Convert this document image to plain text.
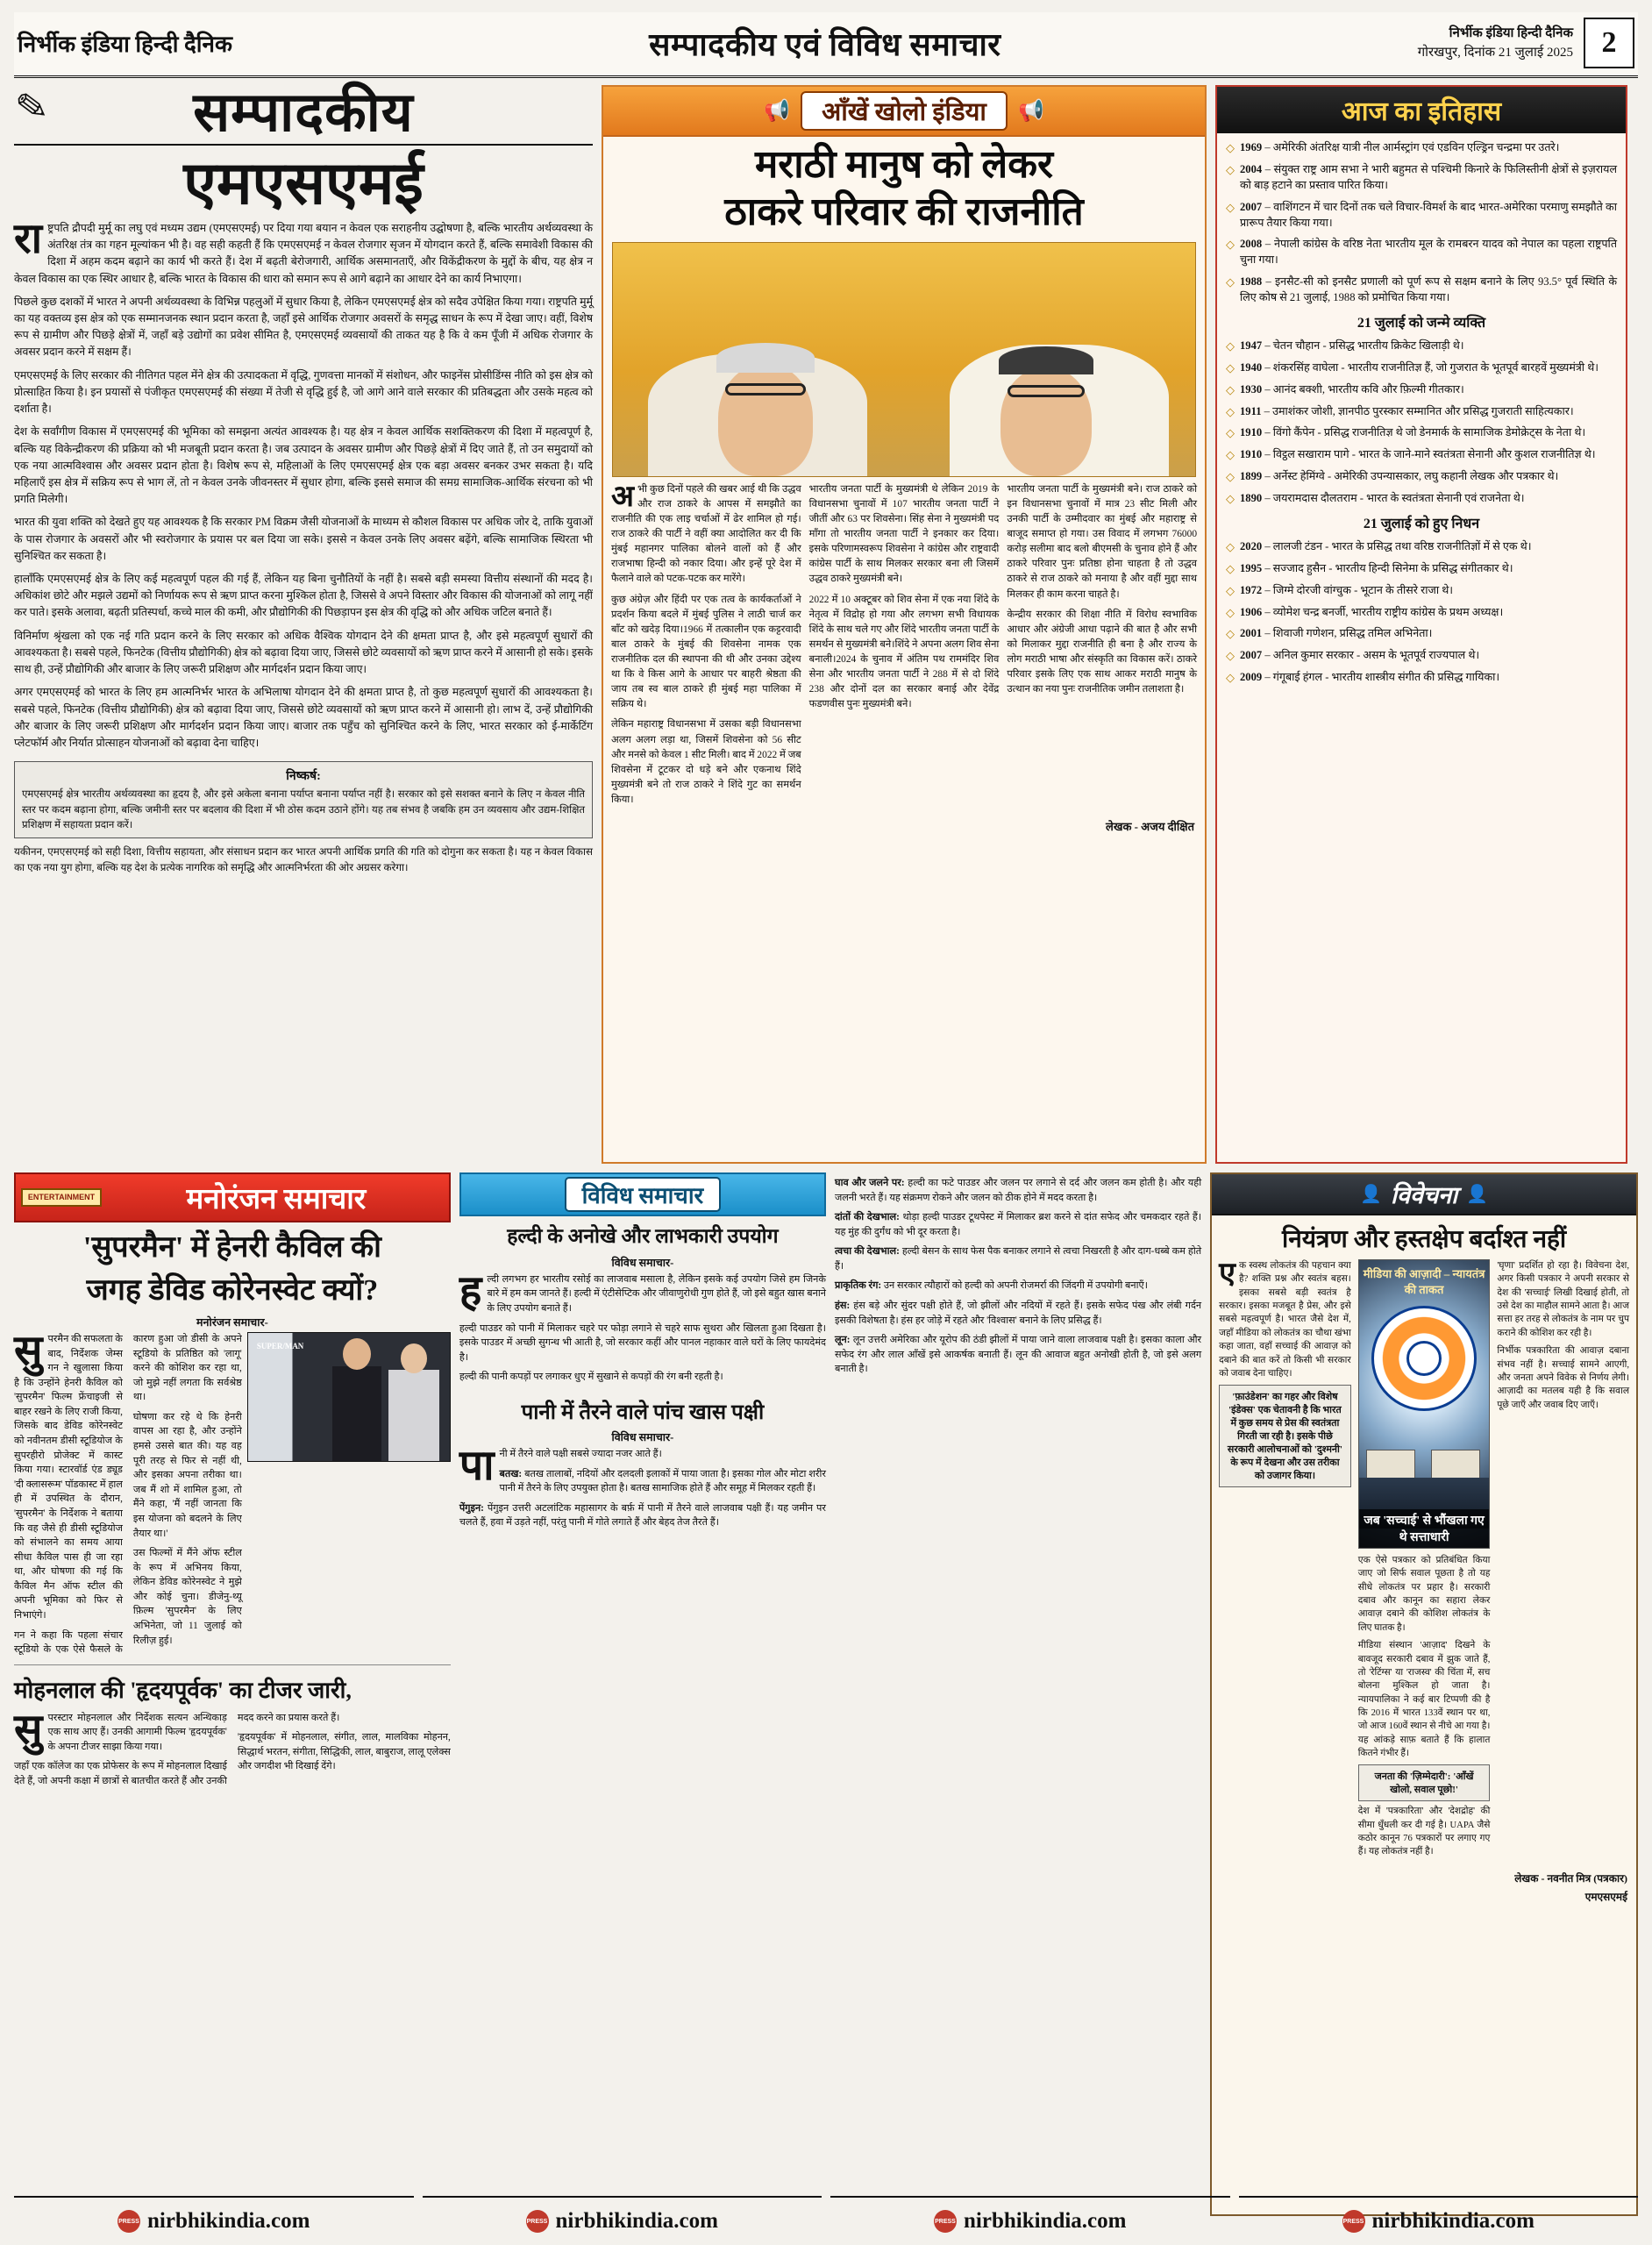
निर्भीक इंडिया हिन्दी दैनिक	सम्पादकीय एवं विविध समाचार	निर्भीक इंडिया हिन्दी दैनिक
गोरखपुर, दिनांक 21 जुलाई 2025 2
✎	सम्पादकीय
एमएसएमई

राष्ट्रपति द्रौपदी मुर्मू का लघु एवं मध्यम उद्यम (एमएसएमई) पर दिया गया बयान न केवल एक सराहनीय उद्घोषणा है, बल्कि भारतीय अर्थव्यवस्था के अंतरिक्ष तंत्र का गहन मूल्यांकन भी है। वह सही कहती हैं कि एमएसएमई न केवल रोजगार सृजन में योगदान करते हैं, बल्कि समावेशी विकास की दिशा में अहम कदम बढ़ाने का कार्य भी करते हैं। देश में बढ़ती बेरोजगारी, आर्थिक असमानताएँ, और विकेंद्रीकरण के मुद्दों के बीच, यह क्षेत्र न केवल विकास का एक स्थिर आधार है, बल्कि भारत के विकास की धारा को समान रूप से आगे बढ़ाने का आधार देने का कार्य निभाएगा।

पिछले कुछ दशकों में भारत ने अपनी अर्थव्यवस्था के विभिन्न पहलुओं में सुधार किया है, लेकिन एमएसएमई क्षेत्र को सदैव उपेक्षित किया गया। राष्ट्रपति मुर्मू का यह वक्तव्य इस क्षेत्र को एक सम्मानजनक स्थान प्रदान करता है, जहाँ इसे आर्थिक रोजगार अवसरों के समृद्ध साधन के रूप में देखा जाए। वहीं, विशेष रूप से ग्रामीण और पिछड़े क्षेत्रों में, जहाँ बड़े उद्योगों का प्रवेश सीमित है, एमएसएमई व्यवसायों की ताकत यह है कि वे कम पूँजी में अधिक रोजगार के अवसर प्रदान करने में सक्षम हैं।

एमएसएमई के लिए सरकार की नीतिगत पहल मेंने क्षेत्र की उत्पादकता में वृद्धि, गुणवत्ता मानकों में संशोधन, और फाइनेंस प्रोसीडिंग्स नीति को इस क्षेत्र को प्रोत्साहित किया है। इन प्रयासों से पंजीकृत एमएसएमई की संख्या में तेजी से वृद्धि हुई है, जो आगे आने वाले सरकार की प्रतिबद्धता और उसके महत्व को दर्शाता है।

देश के सर्वांगीण विकास में एमएसएमई की भूमिका को समझना अत्यंत आवश्यक है। यह क्षेत्र न केवल आर्थिक सशक्तिकरण की दिशा में महत्वपूर्ण है, बल्कि यह विकेन्द्रीकरण की प्रक्रिया को भी मजबूती प्रदान करता है। जब उत्पादन के अवसर ग्रामीण और पिछड़े क्षेत्रों में दिए जाते हैं, तो उन समुदायों को एक नया आत्मविश्वास और अवसर प्रदान होता है। विशेष रूप से, महिलाओं के लिए एमएसएमई क्षेत्र एक बड़ा अवसर बनकर उभर सकता है। यदि महिलाएँ इस क्षेत्र में सक्रिय रूप से भाग लें, तो न केवल उनके जीवनस्तर में सुधार होगा, बल्कि इससे समाज की समग्र सामाजिक-आर्थिक संरचना को भी प्रगति मिलेगी।

भारत की युवा शक्ति को देखते हुए यह आवश्यक है कि सरकार PM विक्रम जैसी योजनाओं के माध्यम से कौशल विकास पर अधिक जोर दे, ताकि युवाओं के पास रोजगार के अवसरों और भी स्वरोजगार के प्रयास पर बल दिया जा सके। इससे न केवल उनके लिए अवसर बढ़ेंगे, बल्कि सामाजिक स्थिरता भी सुनिश्चित कर सकता है।

हालाँकि एमएसएमई क्षेत्र के लिए कई महत्वपूर्ण पहल की गई हैं, लेकिन यह बिना चुनौतियों के नहीं है। सबसे बड़ी समस्या वित्तीय संस्थानों की मदद है। अधिकांश छोटे और मझले उद्यमों को निर्णायक रूप से ऋण प्राप्त करना मुश्किल होता है, जिससे वे अपने विस्तार और विकास की योजनाओं को लागू नहीं कर पाते। इसके अलावा, बढ़ती प्रतिस्पर्धा, कच्चे माल की कमी, और प्रौद्योगिकी की पिछड़ापन इस क्षेत्र की वृद्धि को और अधिक जटिल बनाते हैं।

विनिर्माण श्रृंखला को एक नई गति प्रदान करने के लिए सरकार को अधिक वैश्विक योगदान देने की क्षमता प्राप्त है, और इसे महत्वपूर्ण सुधारों की आवश्यकता है। सबसे पहले, फिनटेक (वित्तीय प्रौद्योगिकी) क्षेत्र को बढ़ावा दिया जाए, जिससे छोटे व्यवसायों को ऋण प्राप्त करने में आसानी हो सके। इसके साथ ही, उन्हें प्रौद्योगिकी और बाजार के लिए जरूरी प्रशिक्षण और मार्गदर्शन प्रदान किया जाए।

अगर एमएसएमई को भारत के लिए हम आत्मनिर्भर भारत के अभिलाषा योगदान देने की क्षमता प्राप्त है, तो कुछ महत्वपूर्ण सुधारों की आवश्यकता है। सबसे पहले, फिनटेक (वित्तीय प्रौद्योगिकी) क्षेत्र को बढ़ावा दिया जाए, जिससे छोटे व्यवसायों को ऋण प्राप्त करने में आसानी हो। लाभ दें, उन्हें प्रौद्योगिकी और बाजार के लिए जरूरी प्रशिक्षण और मार्गदर्शन प्रदान किया जाए। बाजार तक पहुँच को सुनिश्चित करने के लिए, भारत सरकार को ई-मार्केटिंग प्लेटफॉर्म और निर्यात प्रोत्साहन योजनाओं को बढ़ावा देना चाहिए।

निष्कर्ष:

एमएसएमई क्षेत्र भारतीय अर्थव्यवस्था का हृदय है, और इसे अकेला बनाना पर्याप्त बनाना पर्याप्त नहीं है। सरकार को इसे सशक्त बनाने के लिए न केवल नीति स्तर पर कदम बढ़ाना होगा, बल्कि जमीनी स्तर पर बदलाव की दिशा में भी ठोस कदम उठाने होंगे। यह तब संभव है जबकि हम उन व्यवसाय और उद्यम-शिक्षित प्रशिक्षण में सहायता प्रदान करें।

यकीनन, एमएसएमई को सही दिशा, वित्तीय सहायता, और संसाधन प्रदान कर भारत अपनी आर्थिक प्रगति की गति को दोगुना कर सकता है। यह न केवल विकास का एक नया युग होगा, बल्कि यह देश के प्रत्येक नागरिक को समृद्धि और आत्मनिर्भरता की ओर अग्रसर करेगा।

📢	आँखें खोलो इंडिया	📢
मराठी मानुष को लेकर
ठाकरे परिवार की राजनीति

अभी कुछ दिनों पहले की खबर आई थी कि उद्धव और राज ठाकरे के आपस में समझौते का राजनीति की एक लाइ चर्चाओं में ढेर शामिल हो गई। राज ठाकरे की पार्टी ने वहीं क्या आदोलित कर दी कि मुंबई महानगर पालिका बोलने वालों को हैं और राजभाषा हिन्दी को नकार दिया। और इन्हें पूरे देश में फैलाने वाले को पटक-पटक कर मारेंगे।

कुछ अंग्रेज़ और हिंदी पर एक तत्व के कार्यकर्ताओं ने प्रदर्शन किया बदले में मुंबई पुलिस ने लाठी चार्ज कर बाँट को खदेड़ दिया।1966 में तत्कालीन एक कट्टरवादी बाल ठाकरे के मुंबई की शिवसेना नामक एक राजनीतिक दल की स्थापना की थी और उनका उद्देश्य था कि वे किस आगे के आधार पर बाहरी श्रेष्ठता की जाय तब स्व बाल ठाकरे ही मुंबई महा पालिका में सक्रिय थे।

लेकिन महाराष्ट्र विधानसभा में उसका बड़ी विधानसभा अलग अलग लड़ा था, जिसमें शिवसेना को 56 सीट और मनसे को केवल 1 सीट मिली। बाद में 2022 में जब शिवसेना में टूटकर दो धड़े बने और एकनाथ शिंदे मुख्यमंत्री बने तो राज ठाकरे ने शिंदे गुट का समर्थन किया।

भारतीय जनता पार्टी के मुख्यमंत्री थे लेकिन 2019 के विधानसभा चुनावों में 107 भारतीय जनता पार्टी ने जीतीं और 63 पर शिवसेना। सिंह सेना ने मुख्यमंत्री पद माँगा तो भारतीय जनता पार्टी ने इनकार कर दिया। इसके परिणामस्वरूप शिवसेना ने कांग्रेस और राष्ट्रवादी कांग्रेस पार्टी के साथ मिलकर सरकार बना ली जिसमें उद्धव ठाकरे मुख्यमंत्री बने।

2022 में 10 अक्टूबर को शिव सेना में एक नया शिंदे के नेतृत्व में विद्रोह हो गया और लगभग सभी विधायक शिंदे के साथ चले गए और शिंदे भारतीय जनता पार्टी के समर्थन से मुख्यमंत्री बने।शिंदे ने अपना अलग शिव सेना बनाली।2024 के चुनाव में अंतिम पथ राममंदिर शिव सेना और भारतीय जनता पार्टी ने 288 में से दो शिंदे 238 और दोनों दल का सरकार बनाई और देवेंद्र फडणवीस पुनः मुख्यमंत्री बने।

भारतीय जनता पार्टी के मुख्यमंत्री बने। राज ठाकरे को इन विधानसभा चुनावों में मात्र 23 सीट मिली और उनकी पार्टी के उम्मीदवार का मुंबई और महाराष्ट्र से बाजूद समाप्त हो गया। उस विवाद में लगभग 76000 करोड़ सलीमा बाद बलो बीएमसी के चुनाव होने हैं और ठाकरे परिवार पुनः प्रतिष्ठा होना चाहता है तो उद्धव ठाकरे से राज ठाकरे को मनाया है और वहीं मुद्दा साथ मिलकर ही काम करना चाहते है।

केन्द्रीय सरकार की शिक्षा नीति में विरोध स्वभाविक आधार और अंग्रेजी आधा पढ़ाने की बात है और सभी को मिलाकर मुद्दा राजनीति ही बना है और राज्य के लोग मराठी भाषा और संस्कृति का विकास करें। ठाकरे परिवार इसके लिए एक साथ आकर मराठी मानुष के उत्थान का नया पुनः राजनीतिक जमीन तलाशता है।

लेखक - अजय दीक्षित
आज का इतिहास
◇ 1969 – अमेरिकी अंतरिक्ष यात्री नील आर्मस्ट्रांग एवं एडविन एल्ड्रिन चन्द्रमा पर उतरे।
◇ 2004 – संयुक्त राष्ट्र आम सभा ने भारी बहुमत से पश्चिमी किनारे के फिलिस्तीनी क्षेत्रों से इज़रायल को बाड़ हटाने का प्रस्ताव पारित किया।
◇ 2007 – वाशिंगटन में चार दिनों तक चले विचार-विमर्श के बाद भारत-अमेरिका परमाणु समझौते का प्रारूप तैयार किया गया।
◇ 2008 – नेपाली कांग्रेस के वरिष्ठ नेता भारतीय मूल के रामबरन यादव को नेपाल का पहला राष्ट्रपति चुना गया।
◇ 1988 – इनसैट-सी को इनसैट प्रणाली को पूर्ण रूप से सक्षम बनाने के लिए 93.5° पूर्व स्थिति के लिए कोष से 21 जुलाई, 1988 को प्रमोचित किया गया।
21 जुलाई को जन्मे व्यक्ति
◇ 1947 – चेतन चौहान - प्रसिद्ध भारतीय क्रिकेट खिलाड़ी थे।
◇ 1940 – शंकरसिंह वाघेला - भारतीय राजनीतिज्ञ हैं, जो गुजरात के भूतपूर्व बारहवें मुख्यमंत्री थे।
◇ 1930 – आनंद बक्शी, भारतीय कवि और फ़िल्मी गीतकार।
◇ 1911 – उमाशंकर जोशी, ज्ञानपीठ पुरस्कार सम्मानित और प्रसिद्ध गुजराती साहित्यकार।
◇ 1910 – विंगो कैंपेन - प्रसिद्ध राजनीतिज्ञ थे जो डेनमार्क के सामाजिक डेमोक्रेट्स के नेता थे।
◇ 1910 – विट्ठल सखाराम पागे - भारत के जाने-माने स्वतंत्रता सेनानी और कुशल राजनीतिज्ञ थे।
◇ 1899 – अर्नेस्ट हेमिंग्वे - अमेरिकी उपन्यासकार, लघु कहानी लेखक और पत्रकार थे।
◇ 1890 – जयरामदास दौलतराम - भारत के स्वतंत्रता सेनानी एवं राजनेता थे।
21 जुलाई को हुए निधन
◇ 2020 – लालजी टंडन - भारत के प्रसिद्ध तथा वरिष्ठ राजनीतिज्ञों में से एक थे।
◇ 1995 – सज्जाद हुसैन - भारतीय हिन्दी सिनेमा के प्रसिद्ध संगीतकार थे।
◇ 1972 – जिग्मे दोरजी वांग्चुक - भूटान के तीसरे राजा थे।
◇ 1906 – व्योमेश चन्द्र बनर्जी, भारतीय राष्ट्रीय कांग्रेस के प्रथम अध्यक्ष।
◇ 2001 – शिवाजी गणेशन, प्रसिद्ध तमिल अभिनेता।
◇ 2007 – अनिल कुमार सरकार - असम के भूतपूर्व राज्यपाल थे।
◇ 2009 – गंगूबाई हंगल - भारतीय शास्त्रीय संगीत की प्रसिद्ध गायिका।
ENTERTAINMENT	मनोरंजन समाचार
'सुपरमैन' में हेनरी कैविल की
जगह डेविड कोरेनस्वेट क्यों?
मनोरंजन समाचार-
SUPER/MAN

सुपरमैन की सफलता के बाद, निर्देशक जेम्स गन ने खुलासा किया है कि उन्होंने हेनरी कैविल को 'सुपरमैन' फिल्म फ्रेंचाइजी से बाहर रखने के लिए राजी किया, जिसके बाद डेविड कोरेनस्वेट को नवीनतम डीसी स्टूडियोज के सुपरहीरो प्रोजेक्ट में कास्ट किया गया। स्टारवॉर्ड एंड ड्यूड 'दी क्लासरूम' पॉडकास्ट में हाल ही में उपस्थित के दौरान, 'सुपरमैन' के निर्देशक ने बताया कि वह जैसे ही डीसी स्टूडियोज को संभालने का समय आया सीधा कैविल पास ही जा रहा था, और घोषणा की गई कि कैविल मैन ऑफ स्टील की अपनी भूमिका को फिर से निभाएंगे।

गन ने कहा कि पहला संचार स्टूडियो के एक ऐसे फैसले के कारण हुआ जो डीसी के अपने स्टूडियो के प्रतिष्ठित को 'लागू' करने की कोशिश कर रहा था, जो मुझे नहीं लगता कि सर्वश्रेष्ठ था।

घोषणा कर रहे थे कि हेनरी वापस आ रहा है, और उन्होंने हमसे उससे बात की। यह वह पूरी तरह से फिर से नहीं थी, और इसका अपना तरीका था। जब मैं शो में शामिल हुआ, तो मैंने कहा, 'मैं नहीं जानता कि इस योजना को बदलने के लिए तैयार था।'

उस फिल्मों में मैंने ऑफ स्टील के रूप में अभिनय किया, लेकिन डेविड कोरेनस्वेट ने मुझे और कोई चुना। डीजेनु-थ्यू फ़िल्म 'सुपरमैन' के लिए अभिनेता, जो 11 जुलाई को रिलीज़ हुई।

मोहनलाल की 'हृदयपूर्वक' का टीजर जारी,

सुपरस्टार मोहनलाल और निर्देशक सत्यन अन्थिकाड़ एक साथ आए हैं। उनकी आगामी फिल्म 'हृदयपूर्वक' के अपना टीजर साझा किया गया।

जहाँ एक कॉलेज का एक प्रोफेसर के रूप में मोहनलाल दिखाई देते हैं, जो अपनी कक्षा में छात्रों से बातचीत करते हैं और उनकी मदद करने का प्रयास करते हैं।

'हृदयपूर्वक' में मोहनलाल, संगीत, लाल, मालविका मोहनन, सिद्धार्थ भरतन, संगीता, सिद्धिकी, लाल, बाबुराज, लालू एलेक्स और जगदीश भी दिखाई देंगे।

विविध समाचार
हल्दी के अनोखे और लाभकारी उपयोग
विविध समाचार-

हल्दी लगभग हर भारतीय रसोई का लाजवाब मसाला है, लेकिन इसके कई उपयोग जिसे हम जिनके बारे में हम कम जानते हैं। हल्दी में एंटीसेप्टिक और जीवाणुरोधी गुण होते हैं, जो इसे बहुत खास बनाने के लिए उपयोग बनाते हैं।

हल्दी पाउडर को पानी में मिलाकर चहरे पर फोड़ा लगाने से चहरे साफ सुथरा और खिलता हुआ दिखता है। इसके पाउडर में अच्छी सुगन्ध भी आती है, जो सरकार कहीं और पानल नहाकार वाले घरों के लिए फायदेमंद है।

हल्दी की पानी कपड़ों पर लगाकर धुए में सुखाने से कपड़ों की रंग बनी रहती है।

पानी में तैरने वाले पांच खास पक्षी
विविध समाचार-

पानी में तैरने वाले पक्षी सबसे ज्यादा नजर आते हैं।

बतख: बतख तालाबों, नदियों और दलदली इलाकों में पाया जाता है। इसका गोल और मोटा शरीर पानी में तैरने के लिए उपयुक्त होता है। बतख सामाजिक होते हैं और समूह में मिलकर रहती हैं।

पेंगुइन: पेंगुइन उत्तरी अटलांटिक महासागर के बर्फ़ में पानी में तैरने वाले लाजवाब पक्षी हैं। यह जमीन पर चलते हैं, हवा में उड़ते नहीं, परंतु पानी में गोते लगाते हैं और बेहद तेज तैरते हैं।

घाव और जलने पर: हल्दी का फटे पाउडर और जलन पर लगाने से दर्द और जलन कम होती है। और यही जलनी भरते हैं। यह संक्रमण रोकने और जलन को ठीक होने में मदद करता है।

दांतों की देखभाल: थोड़ा हल्दी पाउडर टूथपेस्ट में मिलाकर ब्रश करने से दांत सफेद और चमकदार रहते हैं। यह मुंह की दुर्गंध को भी दूर करता है।

त्वचा की देखभाल: हल्दी बेसन के साथ फेस पैक बनाकर लगाने से त्वचा निखरती है और दाग-धब्बे कम होते हैं।

प्राकृतिक रंग: उन सरकार त्यौहारों को हल्दी को अपनी रोजमर्रा की जिंदगी में उपयोगी बनाएँ।

हंस: हंस बड़े और सुंदर पक्षी होते हैं, जो झीलों और नदियों में रहते हैं। इसके सफेद पंख और लंबी गर्दन इसकी विशेषता है। हंस हर जोड़े में रहते और 'विश्वास' बनाने के लिए प्रसिद्ध हैं।

लून: लून उत्तरी अमेरिका और यूरोप की ठंडी झीलों में पाया जाने वाला लाजवाब पक्षी है। इसका काला और सफेद रंग और लाल आँखें इसे आकर्षक बनाती हैं। लून की आवाज बहुत अनोखी होती है, जो इसे अलग बनाती है।

👤 विवेचना 👤
नियंत्रण और हस्तक्षेप बर्दाश्त नहीं

एक स्वस्थ लोकतंत्र की पहचान क्या है? शक्ति प्रश्न और स्वतंत्र बहस। इसका सबसे बड़ी स्वतंत्र है सरकार। इसका मजबूत है प्रेस, और इसे सबसे महत्वपूर्ण है। भारत जैसे देश में, जहाँ मीडिया को लोकतंत्र का चौथा खंभा कहा जाता, वहाँ सच्चाई की आवाज़ को दबाने की बात करें तो किसी भी सरकार को जवाब देना चाहिए।

'फ़ाउंडेशन' का गहर और विशेष 'इंडेक्स' एक चेतावनी है कि भारत में कुछ समय से प्रेस की स्वतंत्रता गिरती जा रही है। इसके पीछे सरकारी आलोचनाओं को 'दुश्मनी' के रूप में देखना और उस तरीका को उजागर किया।
मीडिया की आज़ादी – न्यायतंत्र की ताकत
जब 'सच्चाई' से भौंखला गए थे सत्ताधारी

एक ऐसे पत्रकार को प्रतिबंधित किया जाए जो सिर्फ सवाल पूछता है तो यह सीधे लोकतंत्र पर प्रहार है। सरकारी दबाव और कानून का सहारा लेकर आवाज़ दबाने की कोशिश लोकतंत्र के लिए घातक है।

मीडिया संस्थान 'आज़ाद' दिखने के बावजूद सरकारी दबाव में झुक जाते हैं, तो 'रेटिंग्स' या 'राजस्व' की चिंता में, सच बोलना मुश्किल हो जाता है। न्यायपालिका ने कई बार टिप्पणी की है कि 2016 में भारत 133वें स्थान पर था, जो आज 160वें स्थान से नीचे आ गया है। यह आंकड़े साफ़ बताते हैं कि हालात कितने गंभीर हैं।

जनता की 'ज़िम्मेदारी': 'आँखें खोलो, सवाल पूछो!'

देश में 'पत्रकारिता' और 'देशद्रोह' की सीमा धुँधली कर दी गई है। UAPA जैसे कठोर कानून 76 पत्रकारों पर लगाए गए हैं। यह लोकतंत्र नहीं है।

'घृणा' प्रदर्शित हो रहा है। विवेचना देश, अगर किसी पत्रकार ने अपनी सरकार से देश की 'सच्चाई' लिखी दिखाई होती, तो उसे देश का माहौल सामने आता है। आज सत्ता हर तरह से लोकतंत्र के नाम पर चुप कराने की कोशिश कर रही है।

निर्भीक पत्रकारिता की आवाज़ दबाना संभव नहीं है। सच्चाई सामने आएगी, और जनता अपने विवेक से निर्णय लेगी। आज़ादी का मतलब यही है कि सवाल पूछे जाएँ और जवाब दिए जाएँ।

लेखक - नवनीत मित्र (पत्रकार)
एमएसएमई
PRESS nirbhikindia.com	PRESS nirbhikindia.com	PRESS nirbhikindia.com	PRESS nirbhikindia.com
